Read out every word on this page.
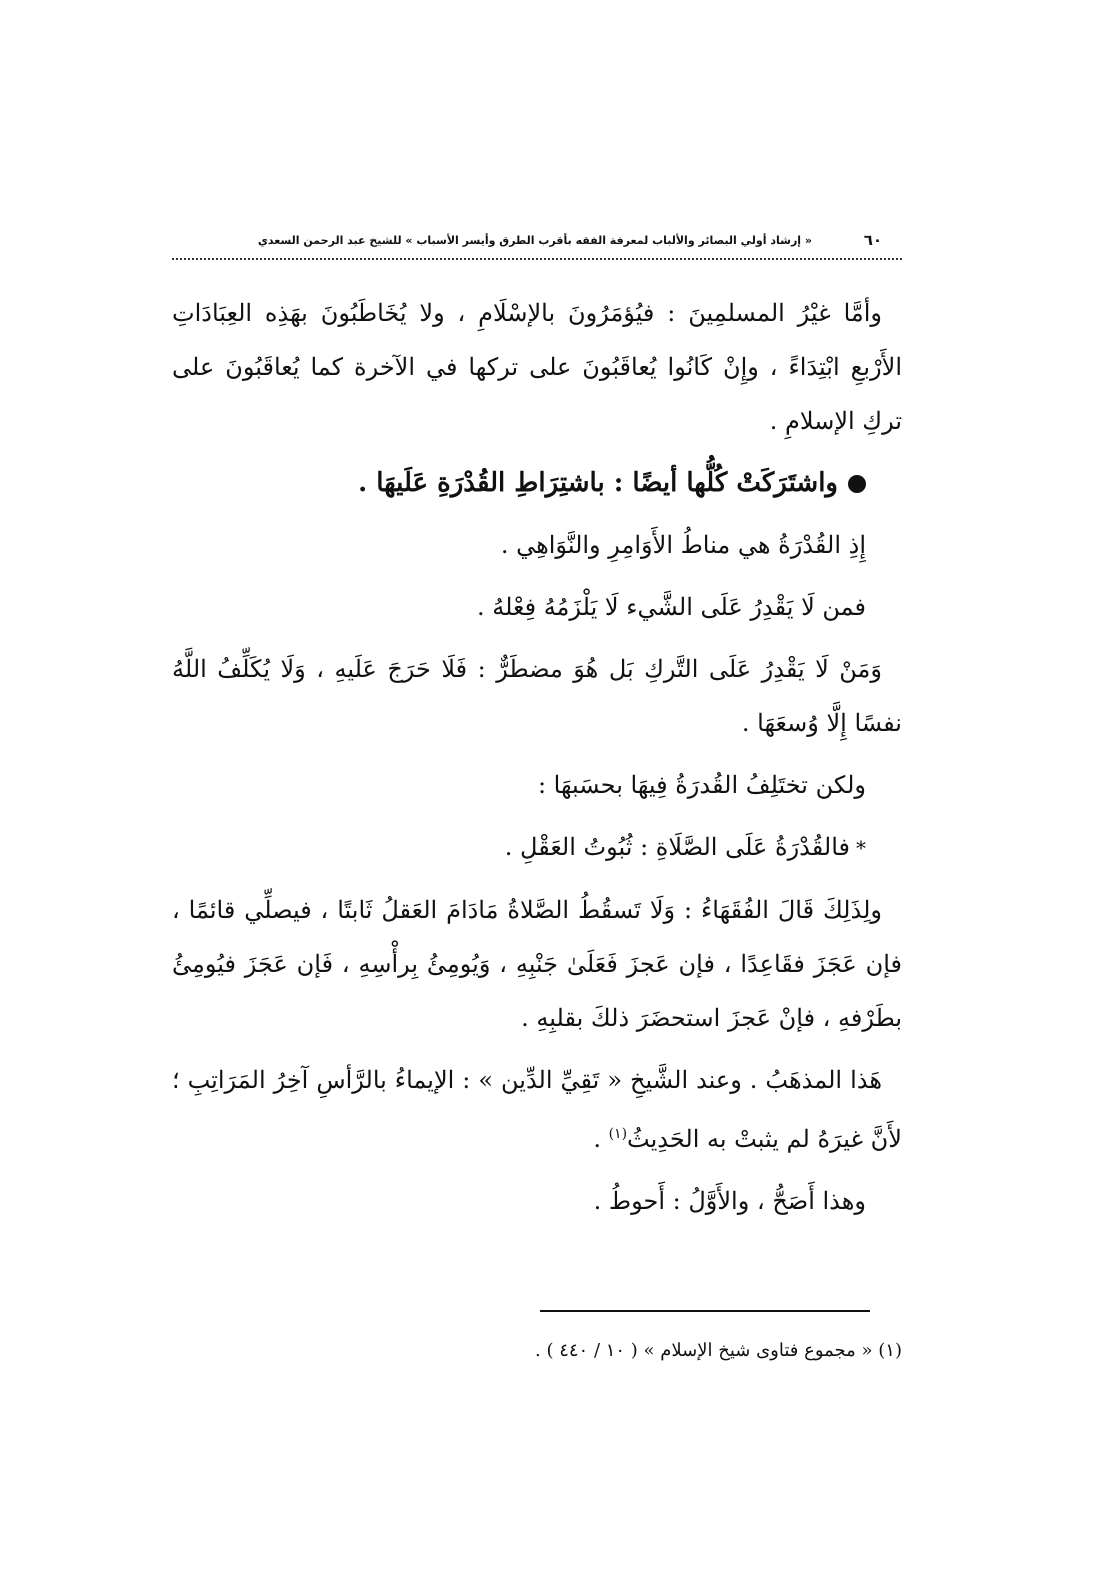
٦٠
« إرشاد أولي البصائر والألباب لمعرفة الفقه بأقرب الطرق وأيسر الأسباب » للشيخ عبد الرحمن السعدي

وأمَّا غيْرُ المسلمِينَ : فيُؤمَرُونَ بالإسْلَامِ ، ولا يُخَاطَبُونَ بهَذِه العِبَادَاتِ الأَرْبعِ ابْتِدَاءً ، وإِنْ كَانُوا يُعاقَبُونَ على تركها في الآخرة كما يُعاقَبُونَ على تركِ الإسلامِ .

واشتَرَكَتْ كُلُّها أيضًا : باشتِرَاطِ القُدْرَةِ عَلَيهَا .

إِذِ القُدْرَةُ هي مناطُ الأَوَامِرِ والنَّوَاهِي .

فمن لَا يَقْدِرُ عَلَى الشَّيء لَا يَلْزَمُهُ فِعْلهُ .

وَمَنْ لَا يَقْدِرُ عَلَى التَّركِ بَل هُوَ مضطَرٌّ : فَلَا حَرَجَ عَلَيهِ ، وَلَا يُكَلِّفُ اللَّهُ نفسًا إِلَّا وُسعَهَا .

ولكن تختَلِفُ القُدرَةُ فِيهَا بحسَبهَا :

*فالقُدْرَةُ عَلَى الصَّلَاةِ : ثُبُوتُ العَقْلِ .

ولِذَلِكَ قَالَ الفُقَهَاءُ : وَلَا تَسقُطُ الصَّلاةُ مَادَامَ العَقلُ ثَابتًا ، فيصلِّي قائمًا ، فإن عَجَزَ فقَاعِدًا ، فإن عَجزَ فَعَلَىٰ جَنْبِهِ ، وَيُومِئُ بِرأْسِهِ ، فَإن عَجَزَ فيُومِئُ بطَرْفهِ ، فإنْ عَجزَ استحضَرَ ذلكَ بقلبِهِ .

هَذا المذهَبُ . وعند الشَّيخِ « تَقِيِّ الدِّين » : الإيماءُ بالرَّأسِ آخِرُ المَرَاتِبِ ؛ لأَنَّ غيرَهُ لم يثبتْ به الحَدِيثُ$^{(١)}$ .

وهذا أَصَحُّ ، والأَوَّلُ : أَحوطُ .

(١) « مجموع فتاوى شيخ الإسلام » ( ١٠ / ٤٤٠ ) .
